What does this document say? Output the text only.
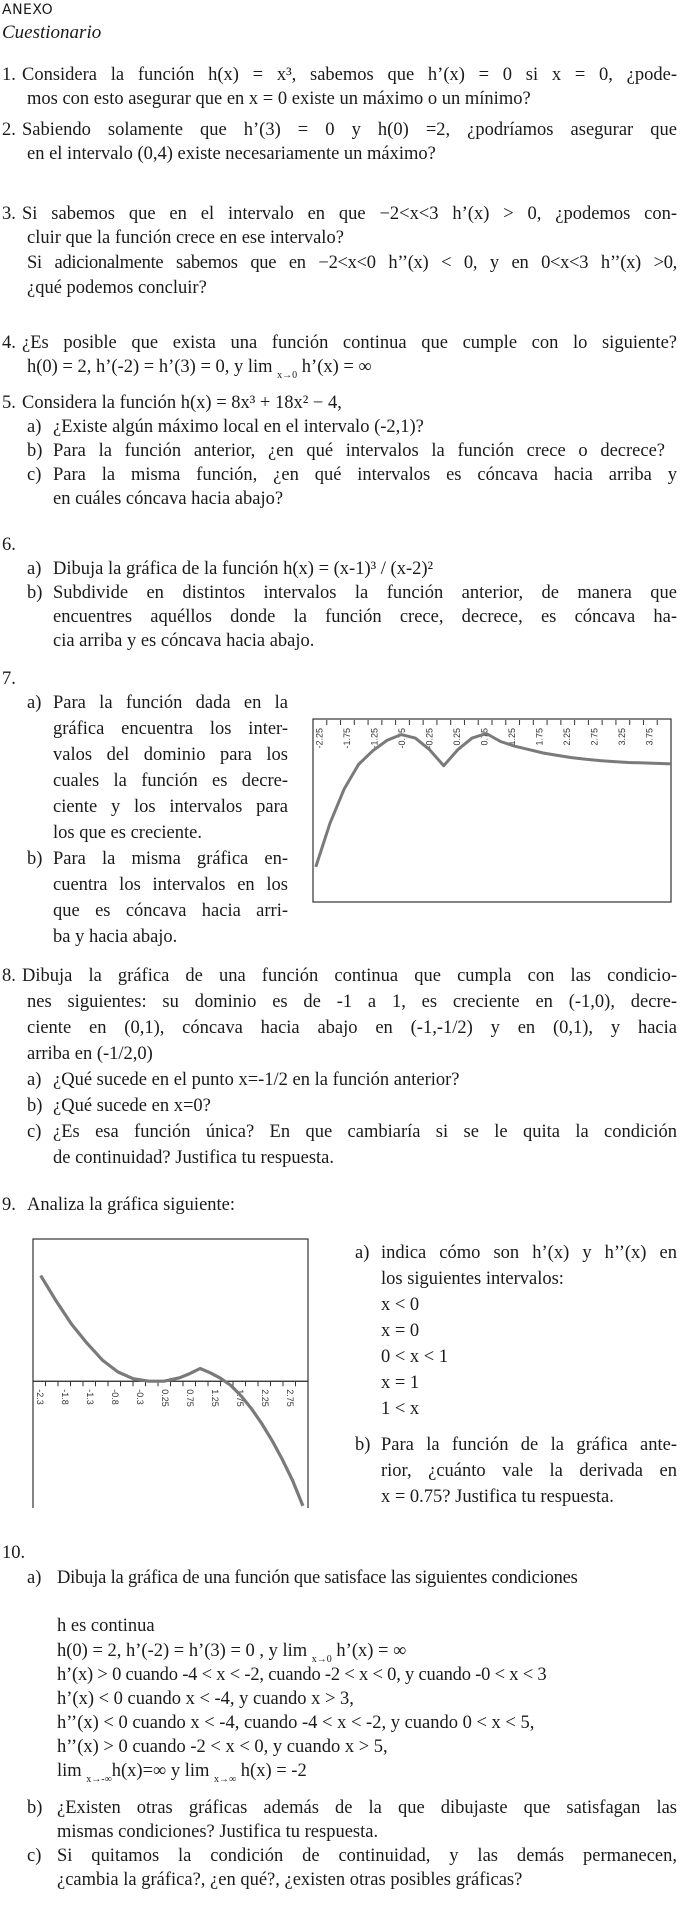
ANEXO
Cuestionario
1. Considera la función h(x) = x³, sabemos que h’(x) = 0 si x = 0, ¿pode-
mos con esto asegurar que en x = 0 existe un máximo o un mínimo?
2. Sabiendo solamente que h’(3) = 0 y h(0) =2, ¿podríamos asegurar que
en el intervalo (0,4) existe necesariamente un máximo?
3. Si sabemos que en el intervalo en que −2<x<3 h’(x) > 0, ¿podemos con-
cluir que la función crece en ese intervalo?
Si adicionalmente sabemos que en −2<x<0 h’’(x) < 0, y en 0<x<3 h’’(x) >0,
¿qué podemos concluir?
4. ¿Es posible que exista una función continua que cumple con lo siguiente?
h(0) = 2, h’(-2) = h’(3) = 0, y lim $_{x\to 0}$ h’(x) = ∞
5. Considera la función h(x) = 8x³ + 18x² − 4,
a) ¿Existe algún máximo local en el intervalo (-2,1)?
b) Para la función anterior, ¿en qué intervalos la función crece o decrece?
c) Para la misma función, ¿en qué intervalos es cóncava hacia arriba y
en cuáles cóncava hacia abajo?
6.
a) Dibuja la gráfica de la función h(x) = (x-1)³ / (x-2)²
b) Subdivide en distintos intervalos la función anterior, de manera que
encuentres aquéllos donde la función crece, decrece, es cóncava ha-
cia arriba y es cóncava hacia abajo.
7.
a) Para la función dada en la
gráfica encuentra los inter-
valos del dominio para los
cuales la función es decre-
ciente y los intervalos para
los que es creciente.
b) Para la misma gráfica en-
cuentra los intervalos en los
que es cóncava hacia arri-
ba y hacia abajo.
-2.25 -1.75 -1.25 -0.75 -0.25 0.25 0.75 1.25 1.75 2.25 2.75 3.25 3.75
8. Dibuja la gráfica de una función continua que cumpla con las condicio-
nes siguientes: su dominio es de -1 a 1, es creciente en (-1,0), decre-
ciente en (0,1), cóncava hacia abajo en (-1,-1/2) y en (0,1), y hacia
arriba en (-1/2,0)
a) ¿Qué sucede en el punto x=-1/2 en la función anterior?
b) ¿Qué sucede en x=0?
c) ¿Es esa función única? En que cambiaría si se le quita la condición
de continuidad? Justifica tu respuesta.
9. Analiza la gráfica siguiente:
-2.3 -1.8 -1.3 -0.8 -0.3 0.25 0.75 1.25 1.75 2.25 2.75
a) indica cómo son h’(x) y h’’(x) en
los siguientes intervalos:
x < 0
x = 0
0 < x < 1
x = 1
1 < x
b) Para la función de la gráfica ante-
rior, ¿cuánto vale la derivada en
x = 0.75? Justifica tu respuesta.
10.
a) Dibuja la gráfica de una función que satisface las siguientes condiciones
h es continua
h(0) = 2, h’(-2) = h’(3) = 0 , y lim $_{x\to 0}$ h’(x) = ∞
h’(x) > 0 cuando -4 < x < -2, cuando -2 < x < 0, y cuando -0 < x < 3
h’(x) < 0 cuando x < -4, y cuando x > 3,
h’’(x) < 0 cuando x < -4, cuando -4 < x < -2, y cuando 0 < x < 5,
h’’(x) > 0 cuando -2 < x < 0, y cuando x > 5,
lim $_{x\to-\infty}$h(x)=∞ y lim $_{x\to\infty}$ h(x) = -2
b) ¿Existen otras gráficas además de la que dibujaste que satisfagan las
mismas condiciones? Justifica tu respuesta.
c) Si quitamos la condición de continuidad, y las demás permanecen,
¿cambia la gráfica?, ¿en qué?, ¿existen otras posibles gráficas?
